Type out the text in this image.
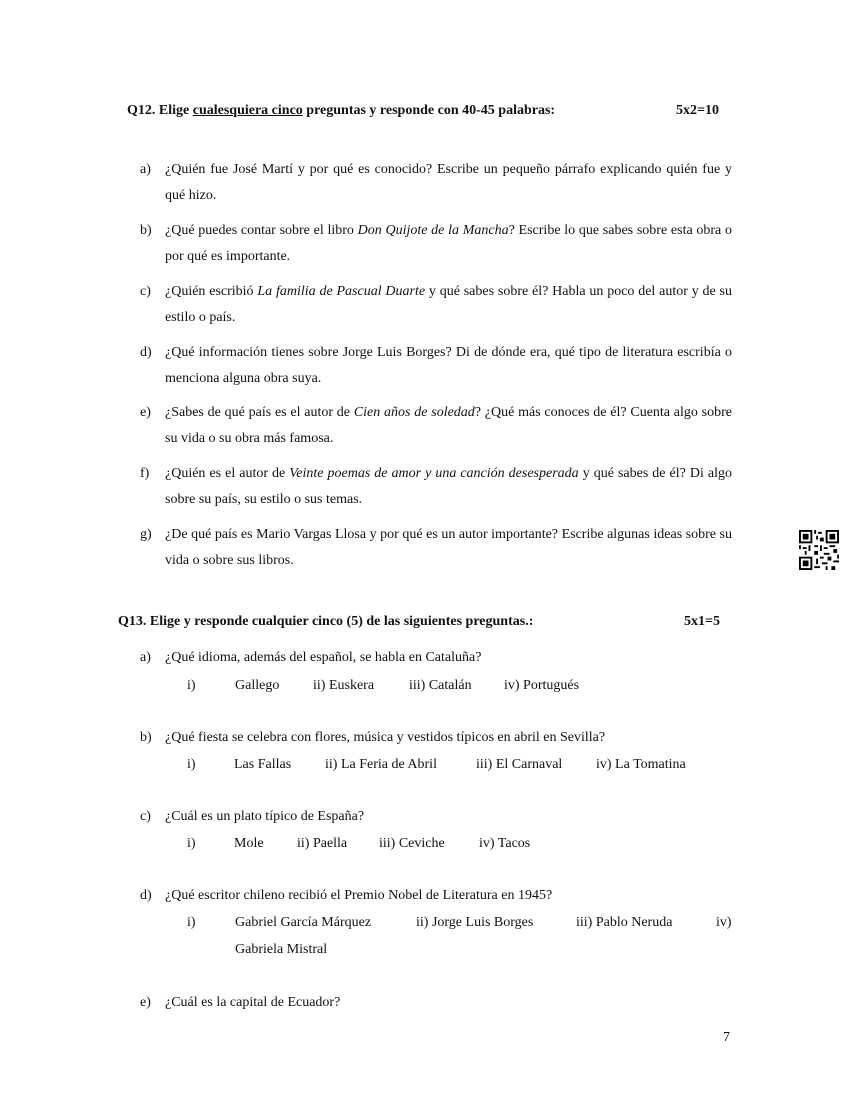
Q12. Elige cualesquiera cinco preguntas y responde con 40-45 palabras:	5x2=10
a) ¿Quién fue José Martí y por qué es conocido? Escribe un pequeño párrafo explicando quién fue y qué hizo.
b) ¿Qué puedes contar sobre el libro Don Quijote de la Mancha? Escribe lo que sabes sobre esta obra o por qué es importante.
c) ¿Quién escribió La familia de Pascual Duarte y qué sabes sobre él? Habla un poco del autor y de su estilo o país.
d) ¿Qué información tienes sobre Jorge Luis Borges? Di de dónde era, qué tipo de literatura escribía o menciona alguna obra suya.
e) ¿Sabes de qué país es el autor de Cien años de soledad? ¿Qué más conoces de él? Cuenta algo sobre su vida o su obra más famosa.
f) ¿Quién es el autor de Veinte poemas de amor y una canción desesperada y qué sabes de él? Di algo sobre su país, su estilo o sus temas.
g) ¿De qué país es Mario Vargas Llosa y por qué es un autor importante? Escribe algunas ideas sobre su vida o sobre sus libros.
Q13. Elige y responde cualquier cinco (5) de las siguientes preguntas.:	5x1=5
a) ¿Qué idioma, además del español, se habla en Cataluña?
i)	Gallego ii) Euskera iii) Catalán iv) Portugués
b) ¿Qué fiesta se celebra con flores, música y vestidos típicos en abril en Sevilla?
i)	Las Fallas ii) La Feria de Abril	iii) El Carnaval iv) La Tomatina
c) ¿Cuál es un plato típico de España?
i)	Mole ii) Paella iii) Ceviche iv) Tacos
d) ¿Qué escritor chileno recibió el Premio Nobel de Literatura en 1945?
i)	Gabriel García Márquez	ii) Jorge Luis Borges	iii) Pablo Neruda	iv)
Gabriela Mistral
e) ¿Cuál es la capital de Ecuador?
7
